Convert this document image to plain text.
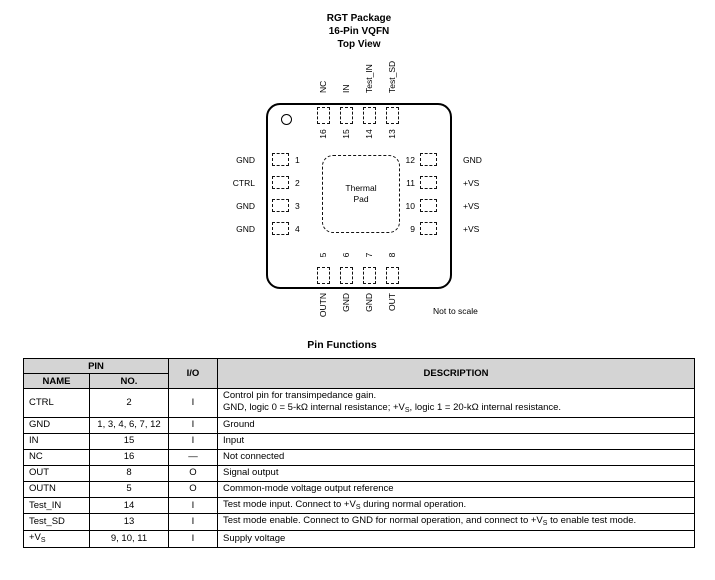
RGT Package
16-Pin VQFN
Top View
NC IN Test_IN Test_SD
Thermal
Pad
16 15 14 13
GND
CTRL
GND
GND
1
2
3
4
12
11
10
9
GND
+VS
+VS
+VS
5 6 7 8
OUTN GND GND OUT
Not to scale
Pin Functions
PIN		I/O	DESCRIPTION
NAME	NO.		
CTRL	2	I	Control pin for transimpedance gain.
GND, logic 0 = 5-kΩ internal resistance; $+V_S$, logic 1 = 20-kΩ internal resistance.

GND	1, 3, 4, 6, 7, 12	I	Ground
IN	15	I	Input
NC	16	—	Not connected
OUT	8	O	Signal output
OUTN	5	O	Common-mode voltage output reference
Test_IN	14	I	Test mode input. Connect to $+V_S$ during normal operation.
Test_SD	13	I	Test mode enable. Connect to GND for normal operation, and connect to $+V_S$ to enable test mode.
$+V_S$	9, 10, 11	I	Supply voltage
